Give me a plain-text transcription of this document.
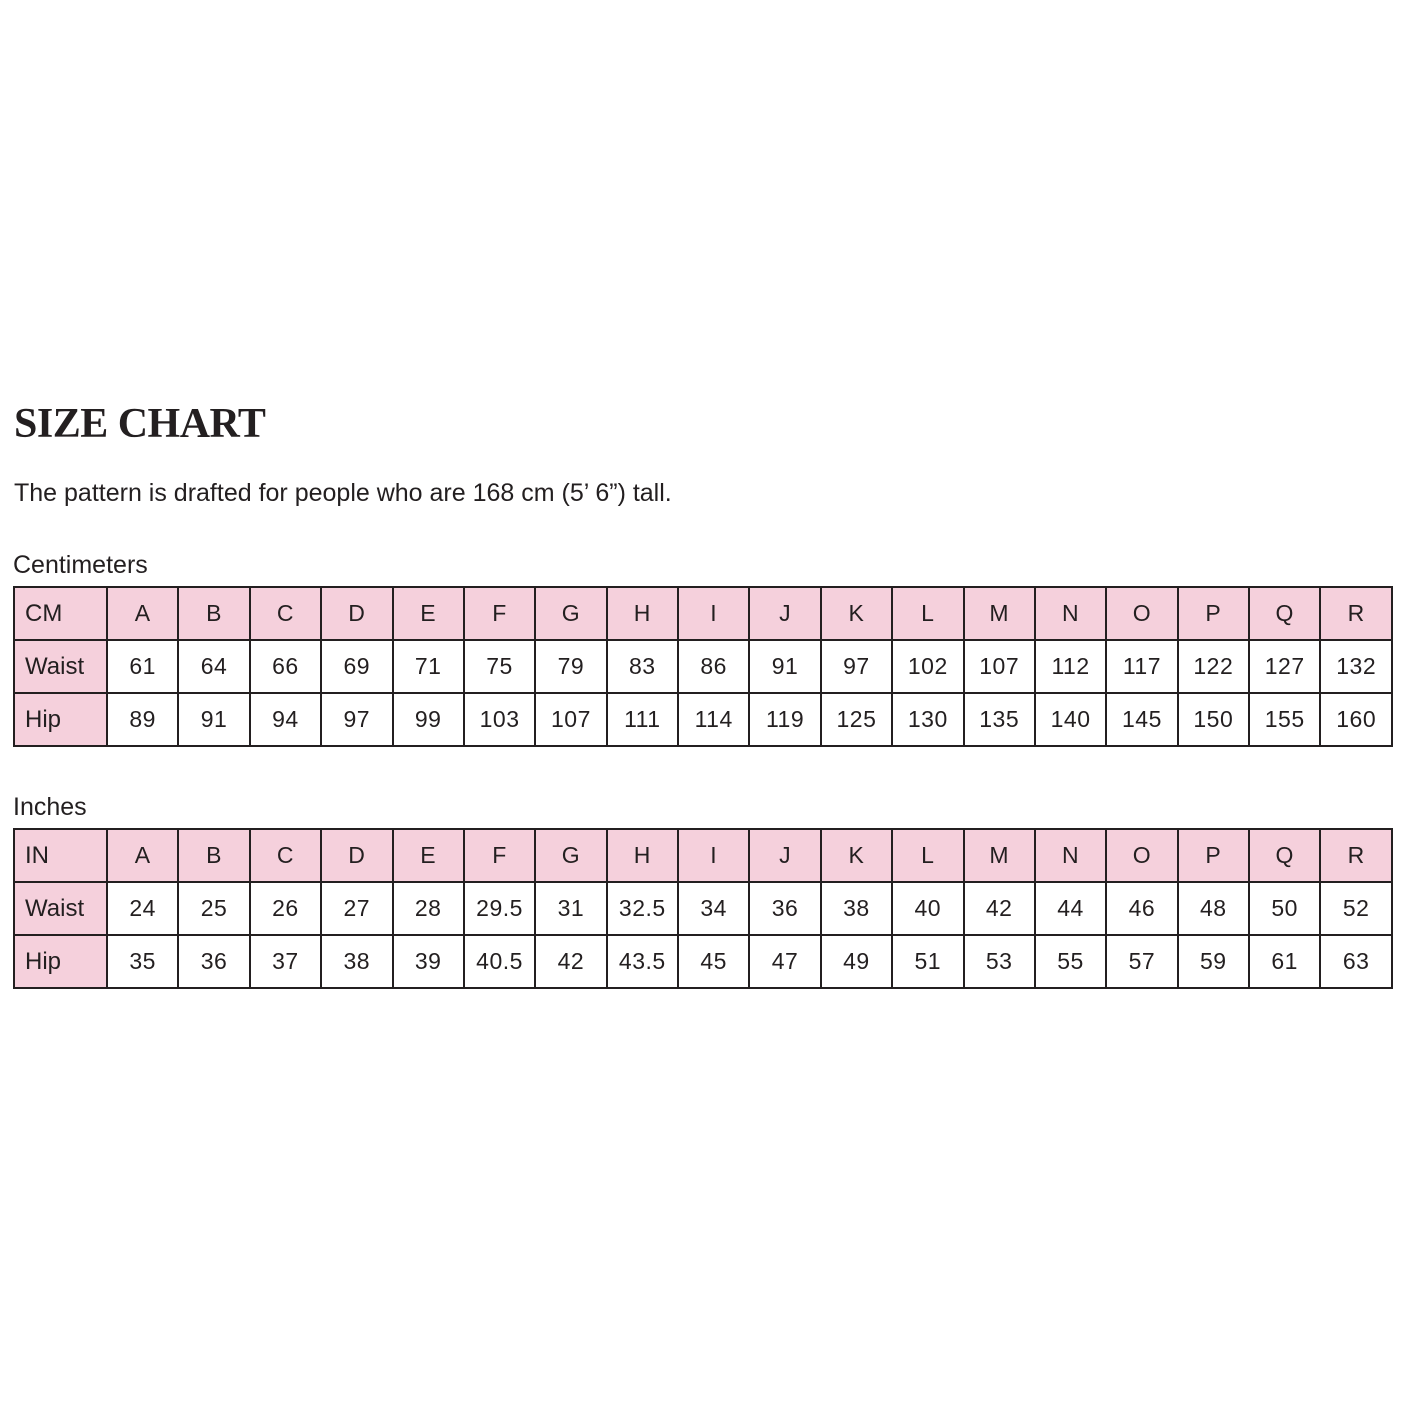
SIZE CHART

The pattern is drafted for people who are 168 cm (5’ 6”) tall.

Centimeters

CM	A	B	C	D	E	F	G	H	I	J	K	L	M	N	O	P	Q	R
Waist	61	64	66	69	71	75	79	83	86	91	97	102	107	112	117	122	127	132
Hip	89	91	94	97	99	103	107	111	114	119	125	130	135	140	145	150	155	160

Inches

IN	A	B	C	D	E	F	G	H	I	J	K	L	M	N	O	P	Q	R
Waist	24	25	26	27	28	29.5	31	32.5	34	36	38	40	42	44	46	48	50	52
Hip	35	36	37	38	39	40.5	42	43.5	45	47	49	51	53	55	57	59	61	63
